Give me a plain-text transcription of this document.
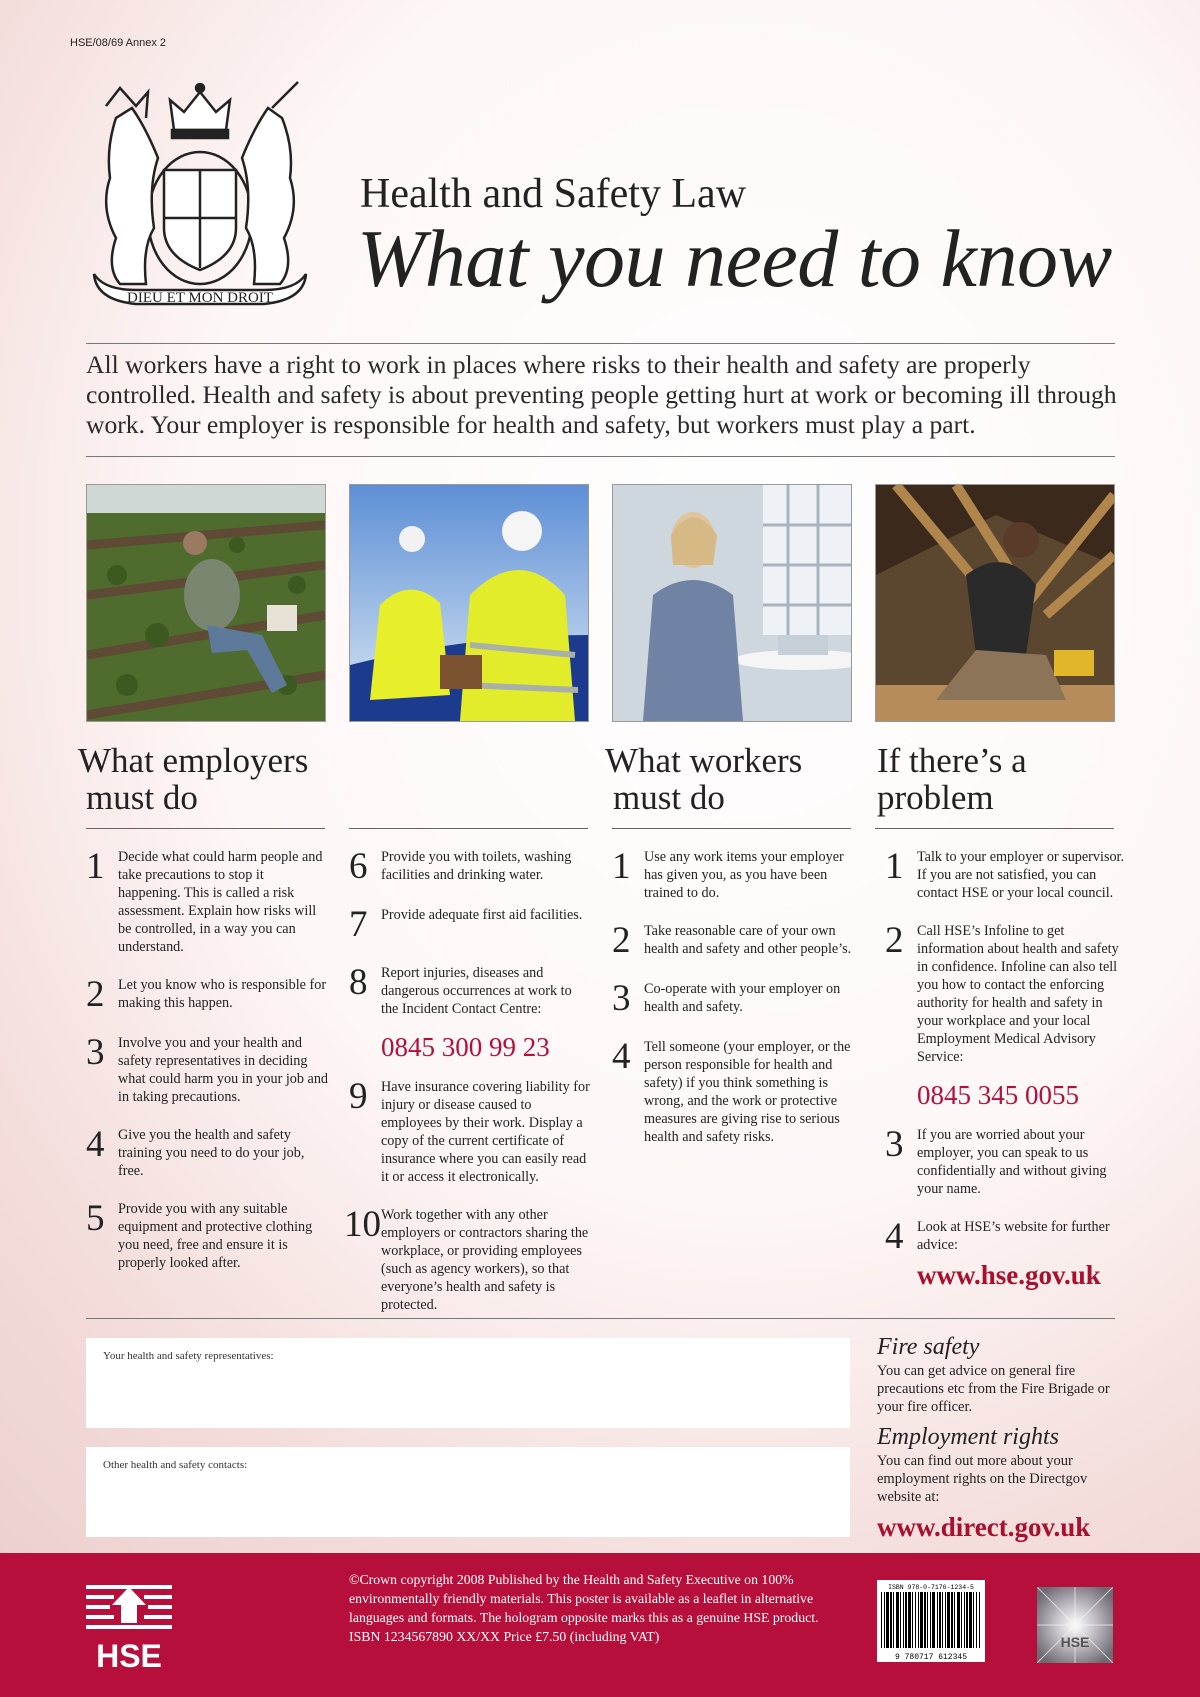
HSE/08/69 Annex 2
DIEU ET MON DROIT
Health and Safety Law
What you need to know
All workers have a right to work in places where risks to their health and safety are properly controlled. Health and safety is about preventing people getting hurt at work or becoming ill through work. Your employer is responsible for health and safety, but workers must play a part.
What employers
must do
What workers
must do
If there’s a
problem
1 Decide what could harm people and take precautions to stop it happening. This is called a risk assessment. Explain how risks will be controlled, in a way you can understand.
2 Let you know who is responsible for making this happen.
3 Involve you and your health and safety representatives in deciding what could harm you in your job and in taking precautions.
4 Give you the health and safety training you need to do your job, free.
5 Provide you with any suitable equipment and protective clothing you need, free and ensure it is properly looked after.
6 Provide you with toilets, washing facilities and drinking water.
7 Provide adequate first aid facilities.
8 Report injuries, diseases and dangerous occurrences at work to the Incident Contact Centre:
0845 300 99 23
9 Have insurance covering liability for injury or disease caused to employees by their work. Display a copy of the current certificate of insurance where you can easily read it or access it electronically.
10 Work together with any other employers or contractors sharing the workplace, or providing employees (such as agency workers), so that everyone’s health and safety is protected.
1 Use any work items your employer has given you, as you have been trained to do.
2 Take reasonable care of your own health and safety and other people’s.
3 Co-operate with your employer on health and safety.
4 Tell someone (your employer, or the person responsible for health and safety) if you think something is wrong, and the work or protective measures are giving rise to serious health and safety risks.
1 Talk to your employer or supervisor. If you are not satisfied, you can contact HSE or your local council.
2 Call HSE’s Infoline to get information about health and safety in confidence. Infoline can also tell you how to contact the enforcing authority for health and safety in your workplace and your local Employment Medical Advisory Service:
0845 345 0055
3 If you are worried about your employer, you can speak to us confidentially and without giving your name.
4 Look at HSE’s website for further advice:
www.hse.gov.uk
Your health and safety representatives:
Other health and safety contacts:
Fire safety
You can get advice on general fire precautions etc from the Fire Brigade or your fire officer.
Employment rights
You can find out more about your employment rights on the Directgov website at:
www.direct.gov.uk
HSE
©Crown copyright 2008 Published by the Health and Safety Executive on 100% environmentally friendly materials. This poster is available as a leaflet in alternative languages and formats. The hologram opposite marks this as a genuine HSE product. ISBN 1234567890 XX/XX Price £7.50 (including VAT)
ISBN 978-0-7176-1234-5
9 780717 612345
HSE
